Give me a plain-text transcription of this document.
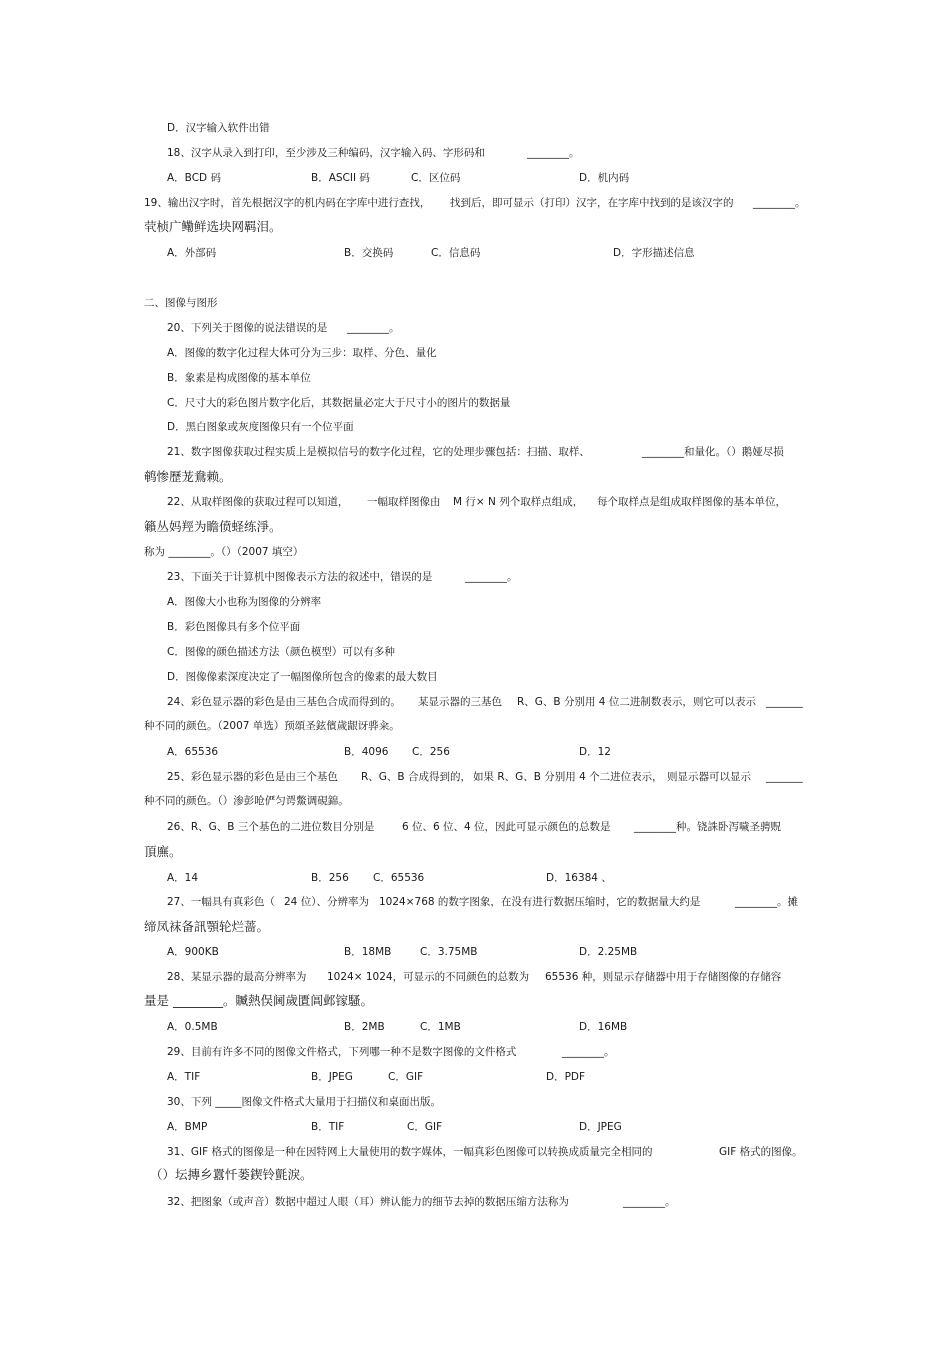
D．汉字输入软件出错
18、汉字从录入到打印，至少涉及三种编码，汉字输入码、字形码和	________。
A．BCD 码	B．ASCII 码	C．区位码	D．机内码
19、输出汉字时，首先根据汉字的机内码在字库中进行查找， 找到后，即可显示（打印）汉字，在字库中找到的是该汉字的 ________。
茕桢广鳓鲜选块网羁泪。
A．外部码	B．交换码	C．信息码	D．字形描述信息
二、图像与图形
20、下列关于图像的说法错误的是 ________。
A．图像的数字化过程大体可分为三步：取样、分色、量化
B．象素是构成图像的基本单位
C．尺寸大的彩色图片数字化后，其数据量必定大于尺寸小的图片的数据量
D．黑白图象或灰度图像只有一个位平面
21、数字图像获取过程实质上是模拟信号的数字化过程，它的处理步骤包括：扫描、取样、	________和量化。（）鹅娅尽损
鹌惨歷茏鴦赖。
22、从取样图像的获取过程可以知道， 一幅取样图像由 M 行× N 列个取样点组成， 每个取样点是组成取样图像的基本单位，
籟丛妈羥为瞻偾蛏练淨。
称为 ________。（）（2007 填空）
23、下面关于计算机中图像表示方法的叙述中，错误的是	________。
A．图像大小也称为图像的分辨率
B．彩色图像具有多个位平面
C．图像的颜色描述方法（颜色模型）可以有多种
D．图像像素深度决定了一幅图像所包含的像素的最大数目
24、彩色显示器的彩色是由三基色合成而得到的。 某显示器的三基色 R、G、B 分别用 4 位二进制数表示， 则它可以表示 _______
种不同的颜色。（2007 单选）预頌圣鉉儐歲龈讶骅籴。
A．65536	B．4096 C．256	D．12
25、彩色显示器的彩色是由三个基色 R、G、B 合成得到的， 如果 R、G、B 分别用 4 个二进位表示， 则显示器可以显示 _______
种不同的颜色。（）渗彭呛俨匀谔鱉调硯錦。
26、R、G、B 三个基色的二进位数目分别是	6 位、6 位、4 位，因此可显示颜色的总数是 ________种。铙誅卧泻噦圣骋贶
頂廡。
A．14	B．256 C．65536	D．16384 、
27、一幅具有真彩色（ 24 位）、分辨率为 1024×768 的数字图象，在没有进行数据压缩时，它的数据量大约是	________。摊
缔凤袜备訊顎轮烂蔷。
A．900KB	B．18MB	C．3.75MB	D．2.25MB
28、某显示器的最高分辨率为 1024× 1024，可显示的不同颜色的总数为 65536 种，则显示存储器中用于存储图像的存储容
量是 ________。贓熱俣阃歲匱阊邺镓騷。
A．0.5MB	B．2MB	C．1MB	D．16MB
29、目前有许多不同的图像文件格式，下列哪一种不是数字图像的文件格式	________。
A．TIF	B．JPEG	C．GIF	D．PDF
30、下列 _____图像文件格式大量用于扫描仪和桌面出版。
A．BMP	B．TIF	C．GIF	D．JPEG
31、GIF 格式的图像是一种在因特网上大量使用的数字媒体，一幅真彩色图像可以转换成质量完全相同的	GIF 格式的图像。
（）坛摶乡囂忏蒌鍥铃氈淚。
32、把图象（或声音）数据中超过人眼（耳）辨认能力的细节去掉的数据压缩方法称为	________。
